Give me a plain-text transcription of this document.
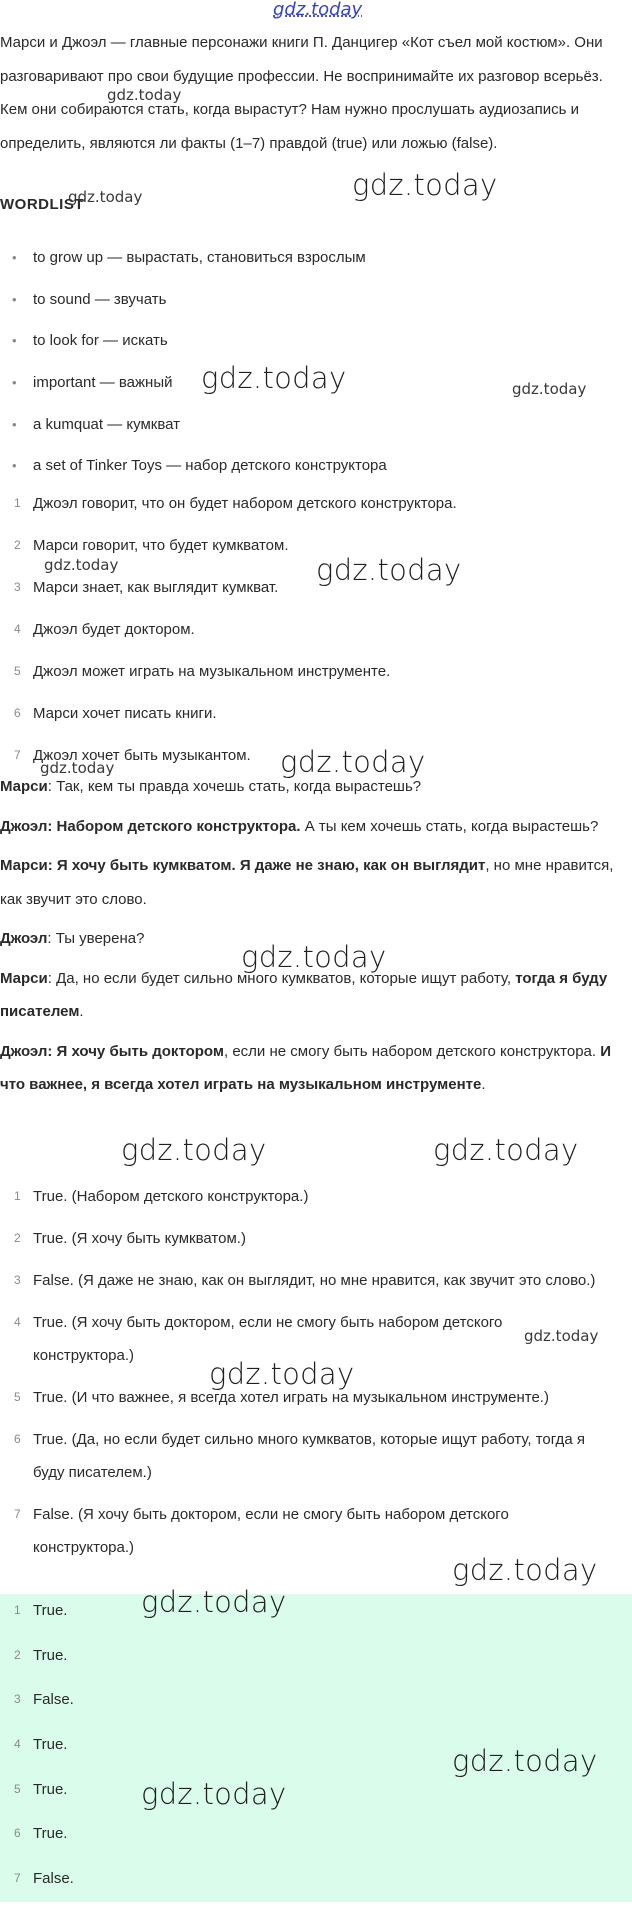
Марси и Джоэл — главные персонажи книги П. Данцигер «Кот съел мой костюм». Они разговаривают про свои будущие профессии. Не воспринимайте их разговор всерьёз. Кем они собираются стать, когда вырастут? Нам нужно прослушать аудиозапись и определить, являются ли факты (1–7) правдой (true) или ложью (false).

WORDLIST
• to grow up — вырастать, становиться взрослым
• to sound — звучать
• to look for — искать
• important — важный
• a kumquat — кумкват
• a set of Tinker Toys — набор детского конструктора
1 Джоэл говорит, что он будет набором детского конструктора.
2 Марси говорит, что будет кумкватом.
3 Марси знает, как выглядит кумкват.
4 Джоэл будет доктором.
5 Джоэл может играть на музыкальном инструменте.
6 Марси хочет писать книги.
7 Джоэл хочет быть музыкантом.

Марси: Так, кем ты правда хочешь стать, когда вырастешь?

Джоэл: Набором детского конструктора. А ты кем хочешь стать, когда вырастешь?

Марси: Я хочу быть кумкватом. Я даже не знаю, как он выглядит, но мне нравится, как звучит это слово.

Джоэл: Ты уверена?

Марси: Да, но если будет сильно много кумкватов, которые ищут работу, тогда я буду писателем.

Джоэл: Я хочу быть доктором, если не смогу быть набором детского конструктора. И что важнее, я всегда хотел играть на музыкальном инструменте.

1 True. (Набором детского конструктора.)
2 True. (Я хочу быть кумкватом.)
3 False. (Я даже не знаю, как он выглядит, но мне нравится, как звучит это слово.)
4 True. (Я хочу быть доктором, если не смогу быть набором детского конструктора.)
5 True. (И что важнее, я всегда хотел играть на музыкальном инструменте.)
6 True. (Да, но если будет сильно много кумкватов, которые ищут работу, тогда я буду писателем.)
7 False. (Я хочу быть доктором, если не смогу быть набором детского конструктора.)
1 True.
2 True.
3 False.
4 True.
5 True.
6 True.
7 False.
gdz.today
gdz.today
gdz.today
gdz.today
gdz.today	gdz.today
gdz.today	gdz.today
gdz.today
gdz.today
gdz.today
gdz.today	gdz.today
gdz.today
gdz.today
gdz.today
gdz.today
gdz.today
gdz.today
